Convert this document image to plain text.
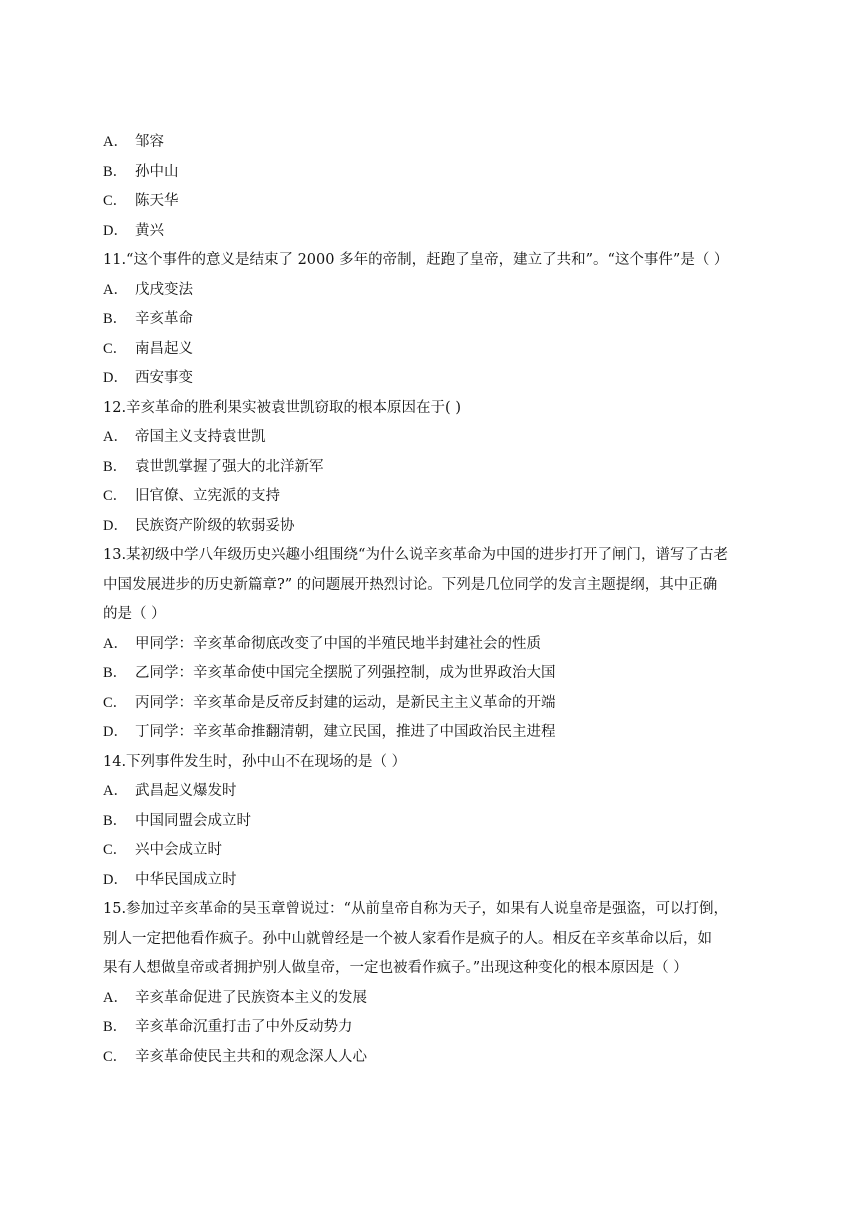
A． 邹容

B． 孙中山

C． 陈天华

D． 黄兴

11.“这个事件的意义是结束了 2000 多年的帝制，赶跑了皇帝，建立了共和”。“这个事件”是（ ）

A． 戊戌变法

B． 辛亥革命

C． 南昌起义

D． 西安事变

12.辛亥革命的胜利果实被袁世凯窃取的根本原因在于( )

A． 帝国主义支持袁世凯

B． 袁世凯掌握了强大的北洋新军

C． 旧官僚、立宪派的支持

D． 民族资产阶级的软弱妥协

13.某初级中学八年级历史兴趣小组围绕“为什么说辛亥革命为中国的进步打开了闸门，谱写了古老

中国发展进步的历史新篇章?” 的问题展开热烈讨论。下列是几位同学的发言主题提纲，其中正确

的是（ ）

A． 甲同学：辛亥革命彻底改变了中国的半殖民地半封建社会的性质

B． 乙同学：辛亥革命使中国完全摆脱了列强控制，成为世界政治大国

C． 丙同学：辛亥革命是反帝反封建的运动，是新民主主义革命的开端

D． 丁同学：辛亥革命推翻清朝，建立民国，推进了中国政治民主进程

14.下列事件发生时，孙中山不在现场的是（ ）

A． 武昌起义爆发时

B． 中国同盟会成立时

C． 兴中会成立时

D． 中华民国成立时

15.参加过辛亥革命的吴玉章曾说过：“从前皇帝自称为天子，如果有人说皇帝是强盗，可以打倒，

别人一定把他看作疯子。孙中山就曾经是一个被人家看作是疯子的人。相反在辛亥革命以后，如

果有人想做皇帝或者拥护别人做皇帝，一定也被看作疯子。”出现这种变化的根本原因是（ ）

A． 辛亥革命促进了民族资本主义的发展

B． 辛亥革命沉重打击了中外反动势力

C． 辛亥革命使民主共和的观念深人人心
